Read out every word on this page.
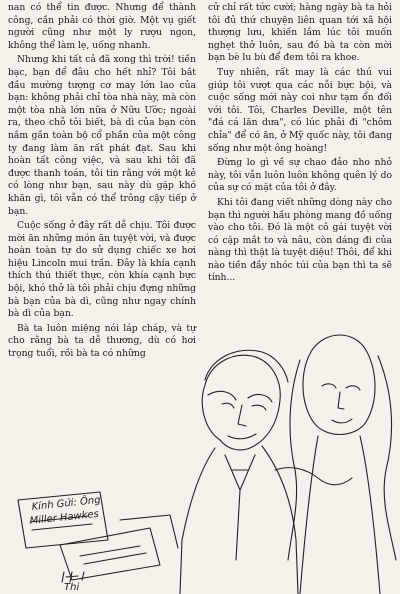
nan có thể tin được. Nhưng để thành công, cần phải có thời giờ. Một vụ giết người cũng như một ly rượu ngon, không thể làm lẹ, uống nhanh.

Nhưng khi tất cả đã xong thì trời! tiền bạc, bạn để đâu cho hết nhỉ? Tôi bắt đầu mường tượng cơ may lớn lao của bạn: không phải chỉ tòa nhà này, mà còn một tòa nhà lớn nữa ở Nữu Ước; ngoài ra, theo chỗ tôi biết, bà dì của bạn còn nắm gần toàn bộ cổ phần của một công ty đang làm ăn rất phát đạt. Sau khi hoàn tất công việc, và sau khi tôi đã được thanh toán, tôi tin rằng với một kẻ có lòng như bạn, sau này dù gặp khó khăn gì, tôi vẫn có thể trông cậy tiếp ở bạn.

Cuộc sống ở đây rất dễ chịu. Tôi được mời ăn những món ăn tuyệt vời, và được hoàn toàn tự do sử dụng chiếc xe hơi hiệu Lincoln mui trần. Đây là khía cạnh thích thú thiết thực, còn khía cạnh bực bội, khó thở là tôi phải chịu đựng những bà bạn của bà dì, cũng như ngay chính bà dì của bạn.

Bà ta luôn miệng nói láp cháp, và tự cho rằng bà ta dễ thương, dù có hơi trọng tuổi, rồi bà ta có những

cử chỉ rất tức cười; hàng ngày bà ta hỏi tôi đủ thứ chuyện liên quan tới xã hội thượng lưu, khiến lắm lúc tôi muốn nghẹt thở luôn, sau đó bà ta còn mời bạn bè lu bù để đem tôi ra khoe.

Tuy nhiên, rất may là các thú vui giúp tôi vượt qua các nỗi bực bội, và cuộc sống mới này coi như tạm ổn đối với tôi. Tôi, Charles Deville, một tên "đá cá lăn dưa", có lúc phải đi "chôm chỉa" để có ăn, ở Mỹ quốc này, tôi đang sống như một ông hoàng!

Đừng lo gì về sự chao đảo nho nhỏ này, tôi vẫn luôn luôn không quên lý do của sự có mặt của tôi ở đây.

Khi tôi đang viết những dòng này cho bạn thì người hầu phòng mang đồ uống vào cho tôi. Đó là một cô gái tuyệt vời có cặp mắt to và nâu, còn dáng đi của nàng thì thật là tuyệt diệu! Thôi, để khi nào tiền đầy nhóc túi của bạn thì ta sẽ tính...

Kính Gửi: Ông
Miller Hawkes
Thi
